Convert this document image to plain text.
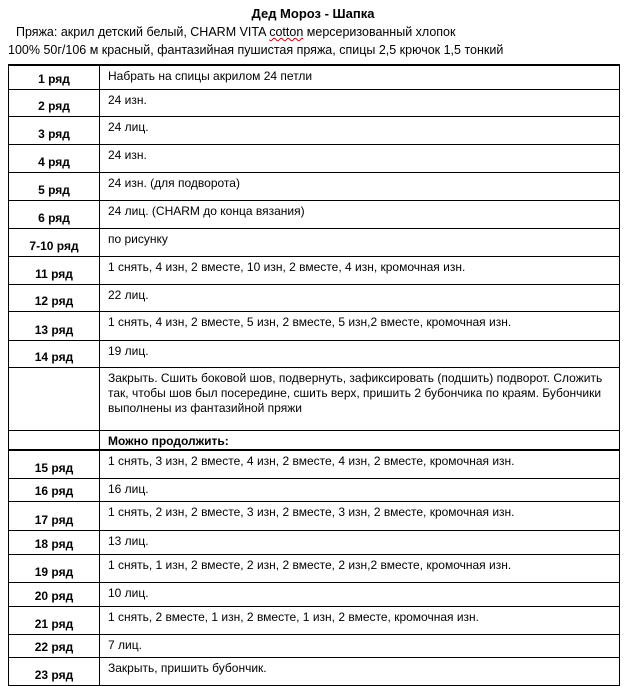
Дед Мороз - Шапка
Пряжа: акрил детский белый, CHARM VITA cotton мерсеризованный хлопок
100% 50г/106 м красный, фантазийная пушистая пряжа, спицы 2,5 крючок 1,5 тонкий
1 ряд	Набрать на спицы акрилом 24 петли
2 ряд	24 изн.
3 ряд	24 лиц.
4 ряд	24 изн.
5 ряд	24 изн. (для подворота)
6 ряд	24 лиц. (CHARM до конца вязания)
7-10 ряд	по рисунку
11 ряд	1 снять, 4 изн, 2 вместе, 10 изн, 2 вместе, 4 изн, кромочная изн.
12 ряд	22 лиц.
13 ряд	1 снять, 4 изн, 2 вместе, 5 изн, 2 вместе, 5 изн,2 вместе, кромочная изн.
14 ряд	19 лиц.
	Закрыть. Сшить боковой шов, подвернуть, зафиксировать (подшить) подворот. Сложить так, чтобы шов был посередине, сшить верх, пришить 2 бубончика по краям. Бубончики выполнены из фантазийной пряжи
	Можно продолжить:
15 ряд	1 снять, 3 изн, 2 вместе, 4 изн, 2 вместе, 4 изн, 2 вместе, кромочная изн.
16 ряд	16 лиц.
17 ряд	1 снять, 2 изн, 2 вместе, 3 изн, 2 вместе, 3 изн, 2 вместе, кромочная изн.
18 ряд	13 лиц.
19 ряд	1 снять, 1 изн, 2 вместе, 2 изн, 2 вместе, 2 изн,2 вместе, кромочная изн.
20 ряд	10 лиц.
21 ряд	1 снять, 2 вместе, 1 изн, 2 вместе, 1 изн, 2 вместе, кромочная изн.
22 ряд	7 лиц.
23 ряд	Закрыть, пришить бубончик.
